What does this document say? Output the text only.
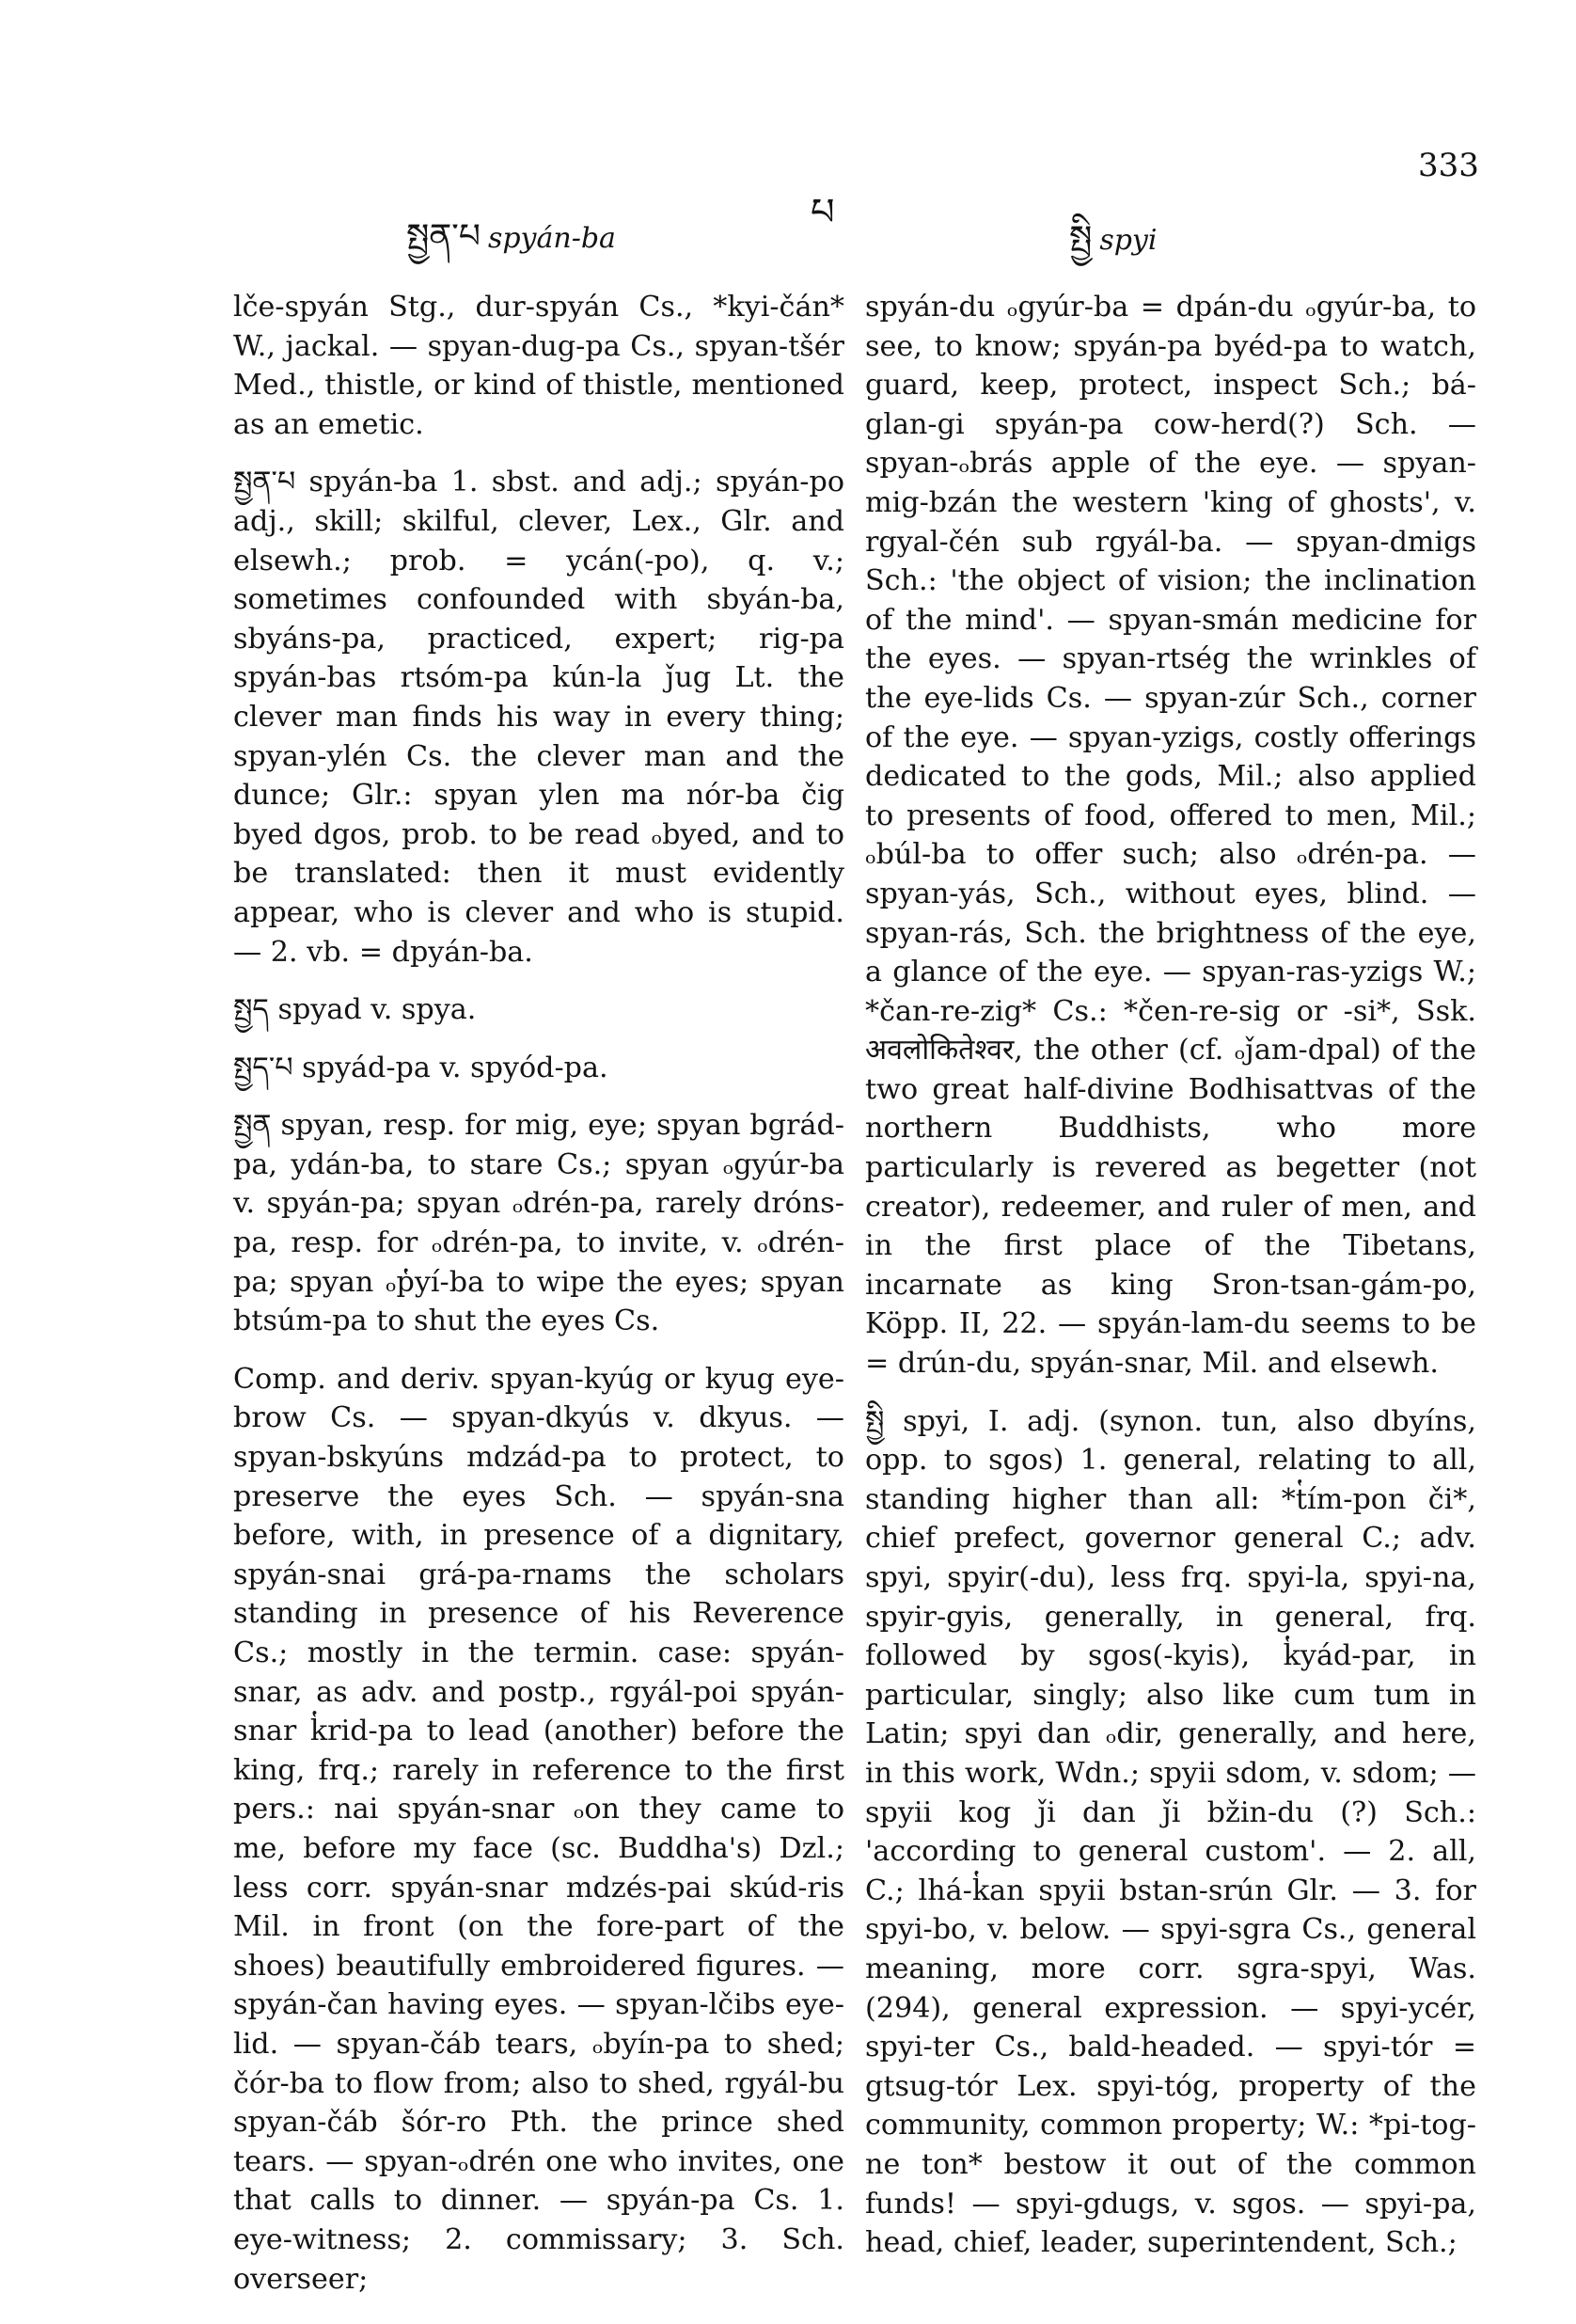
སྤྱན་པ spyán-ba
པ
སྤྱི spyi
333

lče-spyán Stg., dur-spyán Cs., *kyi-čán* W., jackal. — spyan-dug-pa Cs., spyan-tšér Med., thistle, or kind of thistle, mentioned as an emetic.

སྤྱན་པ spyán-ba 1. sbst. and adj.; spyán-po adj., skill; skilful, clever, Lex., Glr. and elsewh.; prob. = ycán(-po), q. v.; sometimes confounded with sbyán-ba, sbyáns-pa, practiced, expert; rig-pa spyán-bas rtsóm-pa kún-la ǰug Lt. the clever man finds his way in every thing; spyan-ylén Cs. the clever man and the dunce; Glr.: spyan ylen ma nór-ba čig byed dgos, prob. to be read ₒbyed, and to be translated: then it must evidently appear, who is clever and who is stupid. — 2. vb. = dpyán-ba.

སྤྱད spyad v. spya.

སྤྱད་པ spyád-pa v. spyód-pa.

སྤྱན spyan, resp. for mig, eye; spyan bgrád-pa, ydán-ba, to stare Cs.; spyan ₒgyúr-ba v. spyán-pa; spyan ₒdrén-pa, rarely dróns-pa, resp. for ₒdrén-pa, to invite, v. ₒdrén-pa; spyan ₒp̔yí-ba to wipe the eyes; spyan btsúm-pa to shut the eyes Cs.

Comp. and deriv. spyan-kyúg or kyug eye-brow Cs. — spyan-dkyús v. dkyus. — spyan-bskyúns mdzád-pa to protect, to preserve the eyes Sch. — spyán-sna before, with, in presence of a dignitary, spyán-snai grá-pa-rnams the scholars standing in presence of his Reverence Cs.; mostly in the termin. case: spyán-snar, as adv. and postp., rgyál-poi spyán-snar k̔rid-pa to lead (another) before the king, frq.; rarely in reference to the first pers.: nai spyán-snar ₒon they came to me, before my face (sc. Buddha's) Dzl.; less corr. spyán-snar mdzés-pai skúd-ris Mil. in front (on the fore-part of the shoes) beautifully embroidered figures. — spyán-čan having eyes. — spyan-lčibs eye-lid. — spyan-čáb tears, ₒbyín-pa to shed; čór-ba to flow from; also to shed, rgyál-bu spyan-čáb šór-ro Pth. the prince shed tears. — spyan-ₒdrén one who invites, one that calls to dinner. — spyán-pa Cs. 1. eye-witness; 2. commissary; 3. Sch. overseer;

spyán-du ₒgyúr-ba = dpán-du ₒgyúr-ba, to see, to know; spyán-pa byéd-pa to watch, guard, keep, protect, inspect Sch.; bá-glan-gi spyán-pa cow-herd(?) Sch. — spyan-ₒbrás apple of the eye. — spyan-mig-bzán the western 'king of ghosts', v. rgyal-čén sub rgyál-ba. — spyan-dmigs Sch.: 'the object of vision; the inclination of the mind'. — spyan-smán medicine for the eyes. — spyan-rtség the wrinkles of the eye-lids Cs. — spyan-zúr Sch., corner of the eye. — spyan-yzigs, costly offerings dedicated to the gods, Mil.; also applied to presents of food, offered to men, Mil.; ₒbúl-ba to offer such; also ₒdrén-pa. — spyan-yás, Sch., without eyes, blind. — spyan-rás, Sch. the brightness of the eye, a glance of the eye. — spyan-ras-yzigs W.; *čan-re-zig* Cs.: *čen-re-sig or -si*, Ssk. अवलोकितेश्वर, the other (cf. ₒǰam-dpal) of the two great half-divine Bodhisattvas of the northern Buddhists, who more particularly is revered as begetter (not creator), redeemer, and ruler of men, and in the first place of the Tibetans, incarnate as king Sron-tsan-gám-po, Köpp. II, 22. — spyán-lam-du seems to be = drún-du, spyán-snar, Mil. and elsewh.

སྤྱི spyi, I. adj. (synon. tun, also dbyíns, opp. to sgos) 1. general, relating to all, standing higher than all: *t̔ím-pon či*, chief prefect, governor general C.; adv. spyi, spyir(-du), less frq. spyi-la, spyi-na, spyir-gyis, generally, in general, frq. followed by sgos(-kyis), k̔yád-par, in particular, singly; also like cum tum in Latin; spyi dan ₒdir, generally, and here, in this work, Wdn.; spyii sdom, v. sdom; — spyii kog ǰi dan ǰi bžin-du (?) Sch.: 'according to general custom'. — 2. all, C.; lhá-k̔an spyii bstan-srún Glr. — 3. for spyi-bo, v. below. — spyi-sgra Cs., general meaning, more corr. sgra-spyi, Was. (294), general expression. — spyi-ycér, spyi-ter Cs., bald-headed. — spyi-tór = gtsug-tór Lex. spyi-tóg, property of the community, common property; W.: *pi-tog-ne ton* bestow it out of the common funds! — spyi-gdugs, v. sgos. — spyi-pa, head, chief, leader, superintendent, Sch.;
